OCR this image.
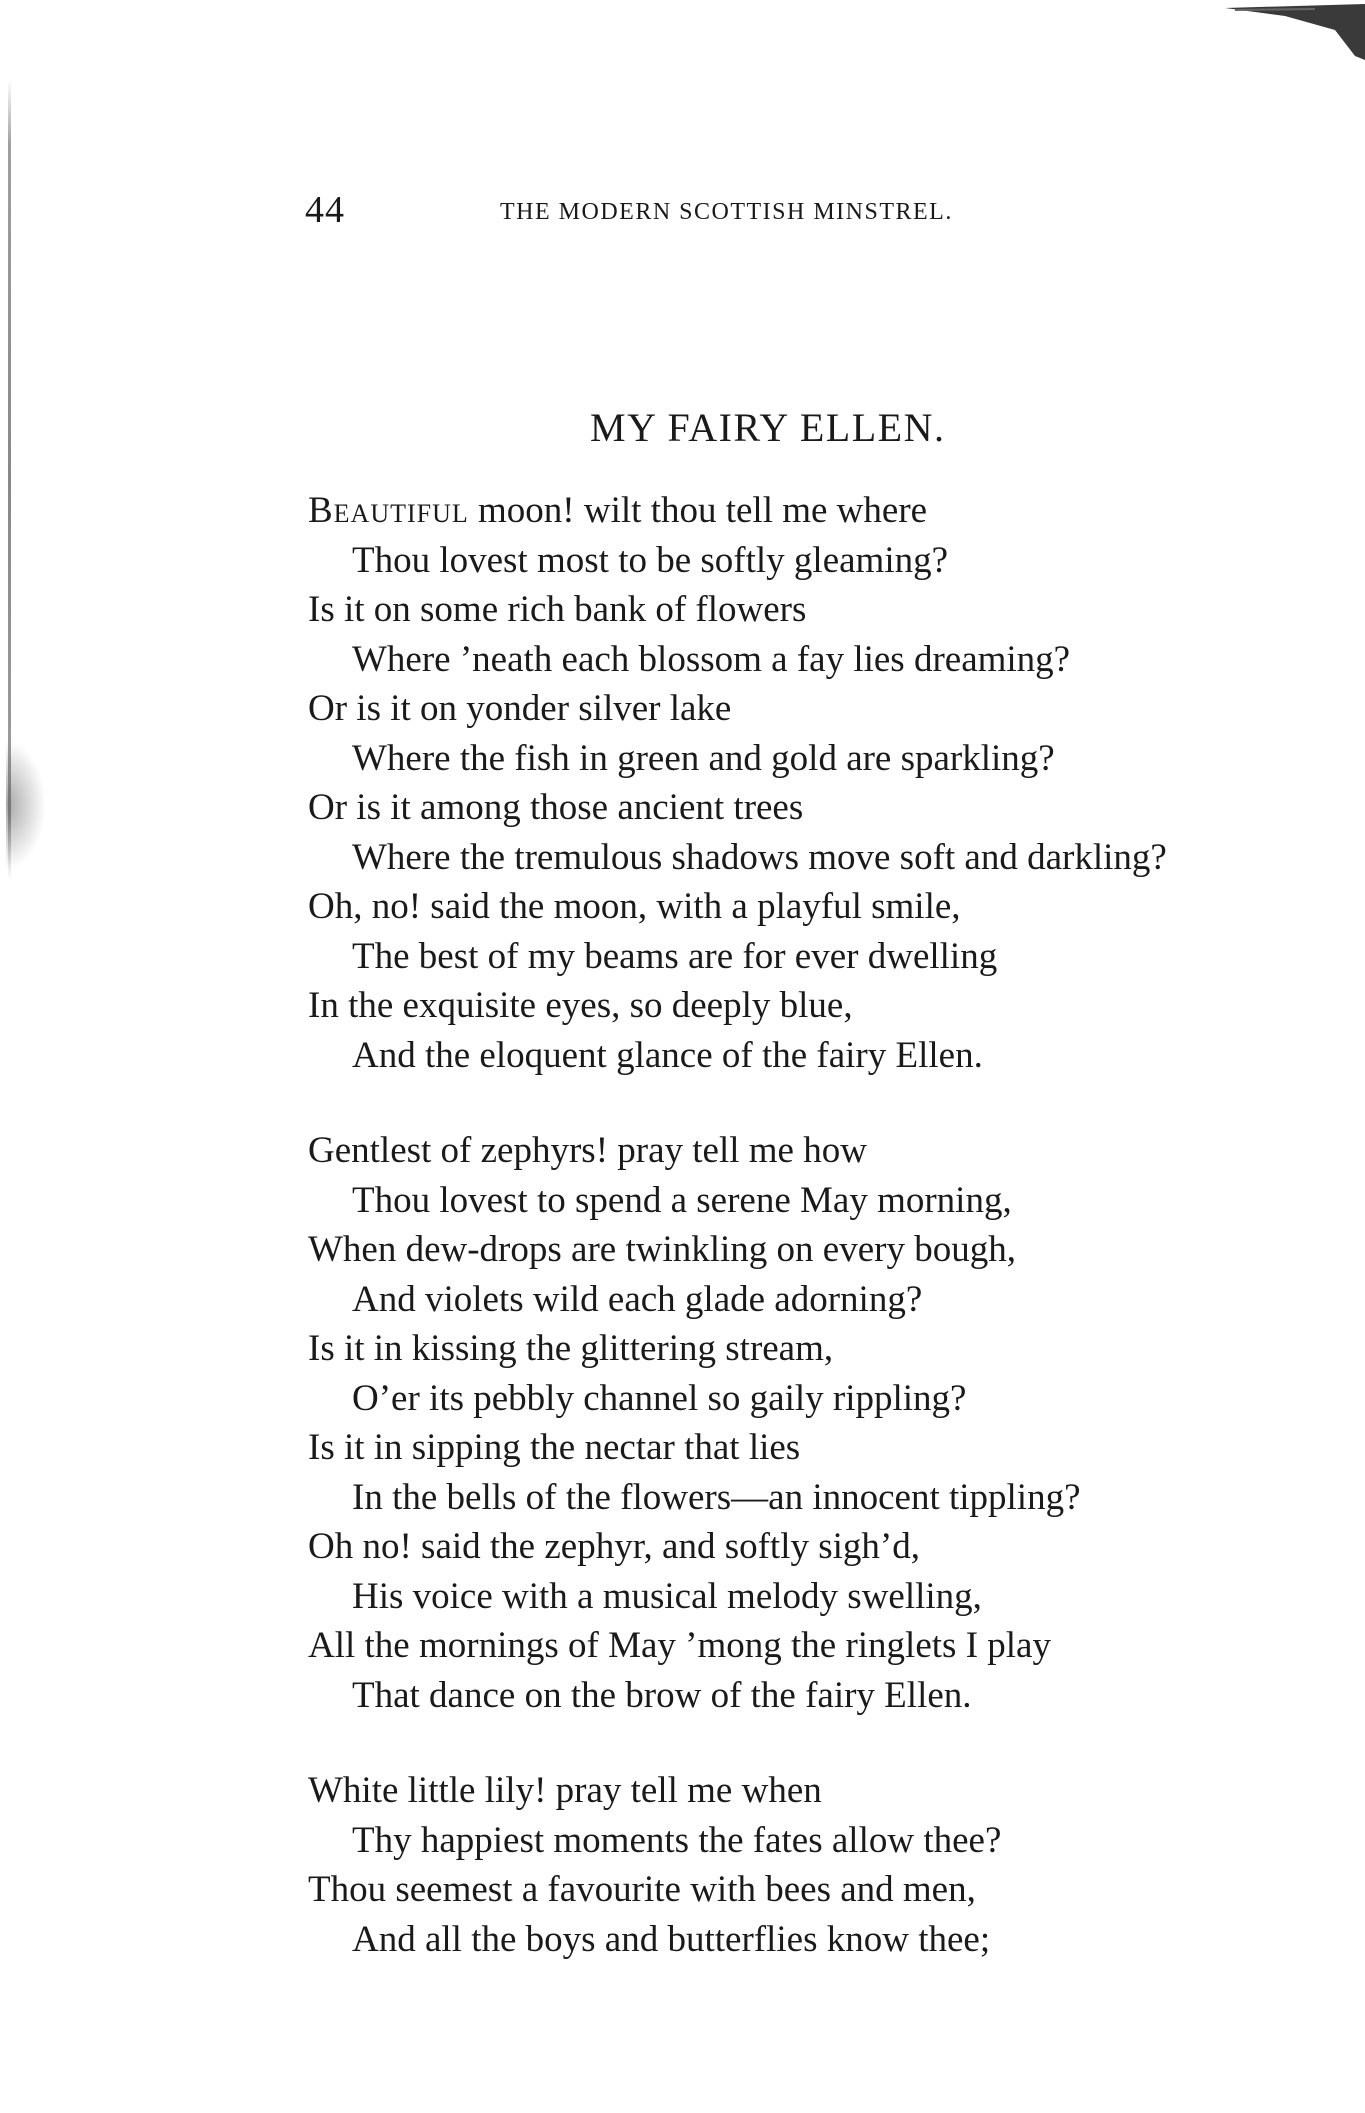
44	THE MODERN SCOTTISH MINSTREL.
MY FAIRY ELLEN.
Beautiful moon! wilt thou tell me where
Thou lovest most to be softly gleaming?
Is it on some rich bank of flowers
Where ’neath each blossom a fay lies dreaming?
Or is it on yonder silver lake
Where the fish in green and gold are sparkling?
Or is it among those ancient trees
Where the tremulous shadows move soft and darkling?
Oh, no! said the moon, with a playful smile,
The best of my beams are for ever dwelling
In the exquisite eyes, so deeply blue,
And the eloquent glance of the fairy Ellen.
Gentlest of zephyrs! pray tell me how
Thou lovest to spend a serene May morning,
When dew-drops are twinkling on every bough,
And violets wild each glade adorning?
Is it in kissing the glittering stream,
O’er its pebbly channel so gaily rippling?
Is it in sipping the nectar that lies
In the bells of the flowers—an innocent tippling?
Oh no! said the zephyr, and softly sigh’d,
His voice with a musical melody swelling,
All the mornings of May ’mong the ringlets I play
That dance on the brow of the fairy Ellen.
White little lily! pray tell me when
Thy happiest moments the fates allow thee?
Thou seemest a favourite with bees and men,
And all the boys and butterflies know thee;
